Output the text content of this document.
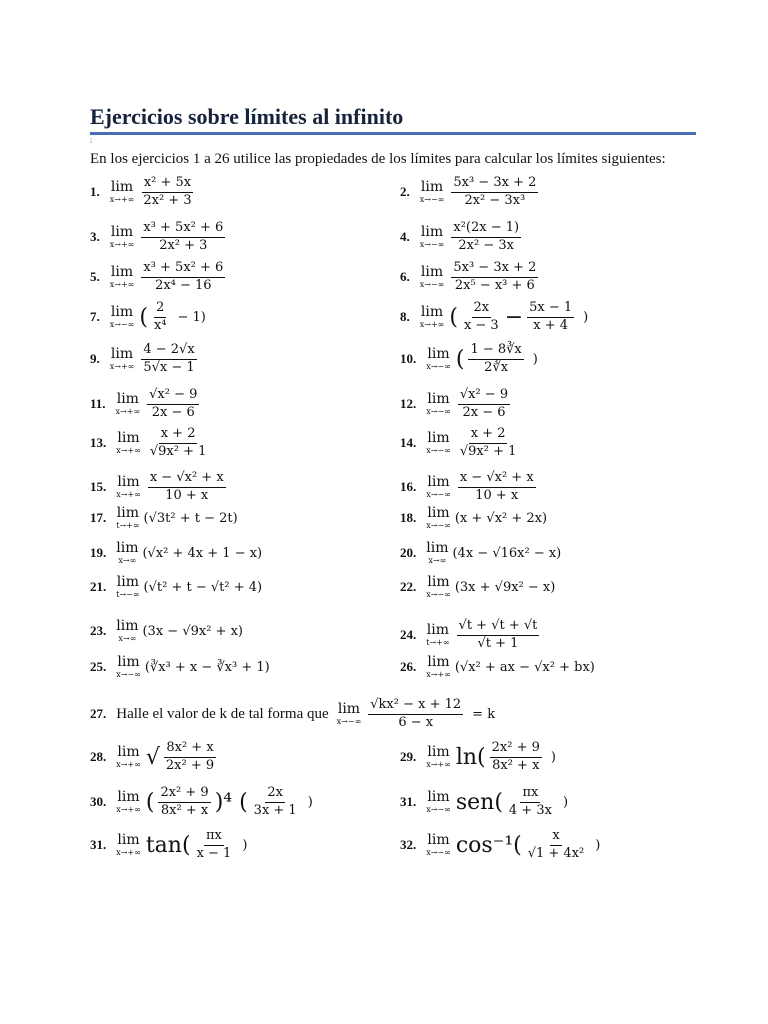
Ejercicios sobre límites al infinito
;
En los ejercicios 1 a 26 utilice las propiedades de los límites para calcular los límites siguientes:
1. lim
$x\to+\infty \frac{\text{x² + 5x}}{\text{2x² + 3}}$	2. lim
$x\to-\infty \frac{\text{5x³ − 3x + 2}}{\text{2x² − 3x³}}$
3. lim
$x\to+\infty \frac{\text{x³ + 5x² + 6}}{\text{2x² + 3}}$	4. lim
$x\to-\infty \frac{\text{x²(2x − 1)}}{\text{2x² − 3x}}$
5. lim
$x\to+\infty \frac{\text{x³ + 5x² + 6}}{\text{2x⁴ − 16}}$	6. lim
$x\to-\infty \frac{\text{5x³ − 3x + 2}}{\text{2x⁵ − x³ + 6}}$
7. lim
x→−∞ ( $\frac{2}{\text{x⁴}} - 1$)	8. lim
x→+∞ ( $\frac{2x}{x - 3} - \frac{5x - 1}{x + 4}$ )
9. lim
$x\to+\infty \frac{4 - 2√x}{5√x - 1}$	10. lim
x→−∞ ( $\frac{1 - 8∛x}{2∛x}$ )
11. lim
$x\to+\infty \frac{\text{√x² − 9}}{2x - 6}$	12. lim
$x\to-\infty \frac{\text{√x² − 9}}{2x - 6}$
13. lim
$x\to+\infty \frac{x + 2}{\text{√9x² + 1}}$	14. lim
$x\to-\infty \frac{x + 2}{\text{√9x² + 1}}$
15. lim
$x\to+\infty \frac{\text{x − √x² + x}}{10 + x}$	16. lim
$x\to-\infty \frac{\text{x − √x² + x}}{10 + x}$
17. lim
t→+∞ (√3t² + t − 2t)	18. lim
x→−∞ (x + √x² + 2x)
19. lim
x→∞ (√x² + 4x + 1 − x)	20. lim
x→∞ (4x − √16x² − x)
21. lim
t→−∞ (√t² + t − √t² + 4)	22. lim
x→−∞ (3x + √9x² − x)
23. lim
x→∞ (3x − √9x² + x)	24. lim
$t\to+\infty \frac{√t + √t + √t}{√t + 1}$
25. lim
x→−∞ (∛x³ + x − ∛x³ + 1)	26. lim
x→+∞ (√x² + ax − √x² + bx)
27. Halle el valor de k de tal forma que lim
$x\to-\infty \frac{\text{√kx² − x + 12}}{6 - x} = k$
28. lim
x→+∞ √ $\frac{\text{8x² + x}}{\text{2x² + 9}}$	29. lim
x→+∞ $\ln( \frac{\text{2x² + 9}}{\text{8x² + x}}$ )
30. lim
x→+∞ ( $\frac{\text{2x² + 9}}{\text{8x² + x}} )^4$ ( $\frac{2x}{3x + 1}$ )	31. lim
x→−∞ $sen( \frac{\pi x}{4 + 3x}$ )
31. lim
x→+∞ $\tan( \frac{\pi x}{x - 1}$ )	32. lim
x→−∞ $\cos^{-1}( \frac{x}{\text{√1 + 4x²}}$ )
